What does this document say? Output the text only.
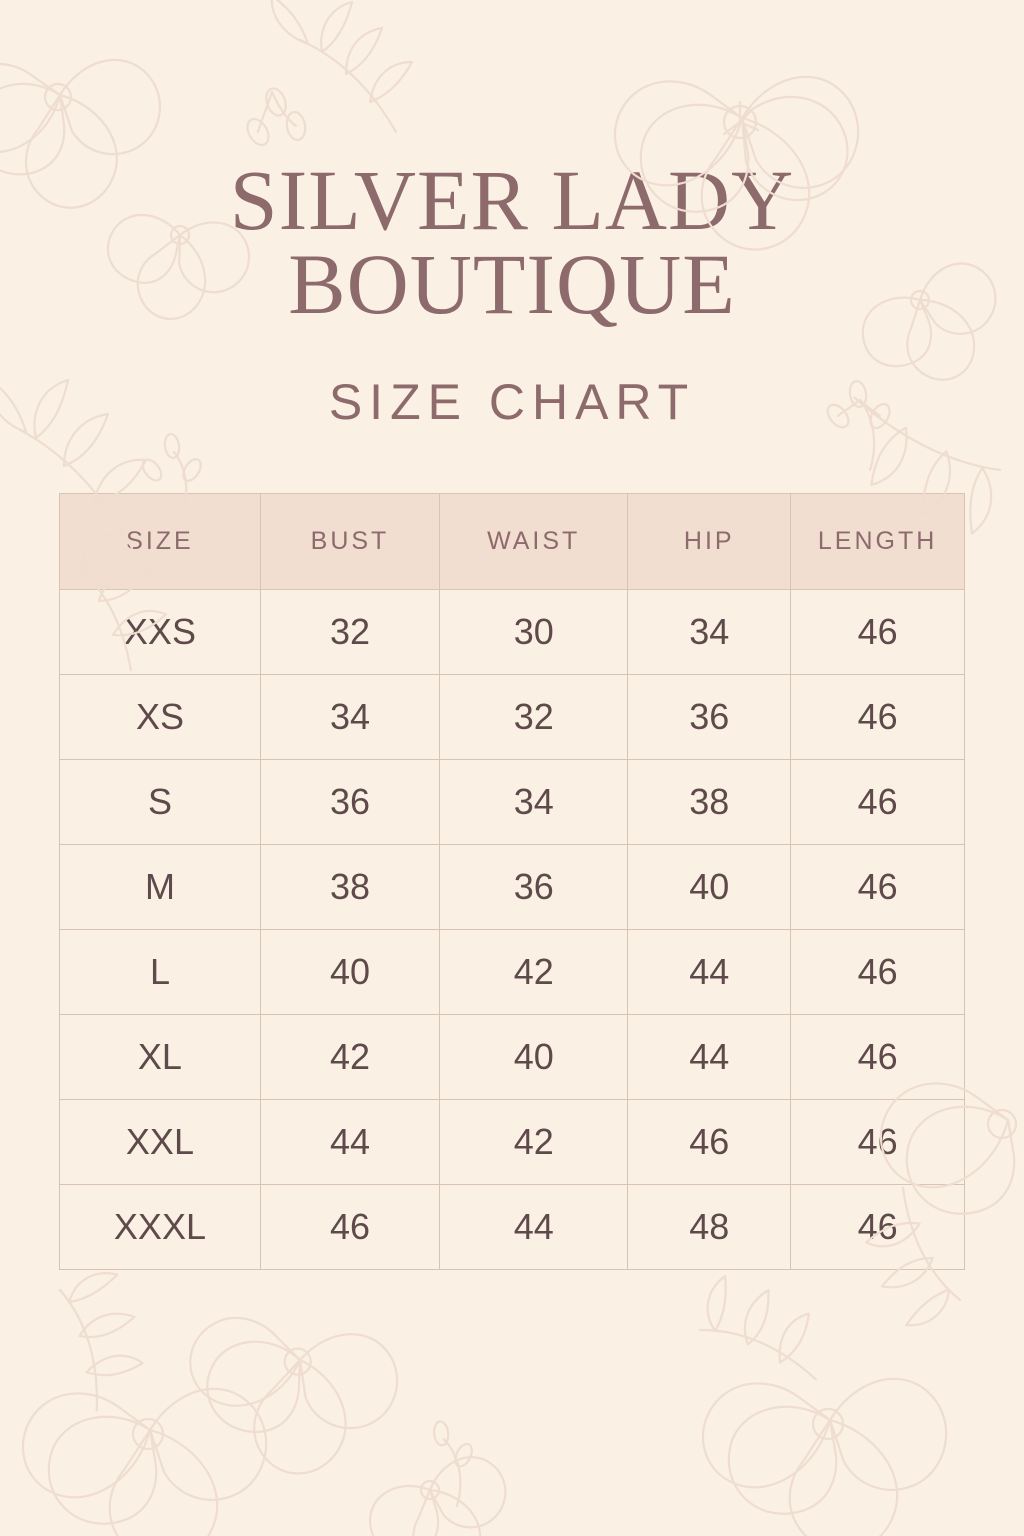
SILVER LADY
BOUTIQUE
SIZE CHART
SIZE	BUST	WAIST	HIP	LENGTH
XXS	32	30	34	46
XS	34	32	36	46
S	36	34	38	46
M	38	36	40	46
L	40	42	44	46
XL	42	40	44	46
XXL	44	42	46	46
XXXL	46	44	48	46
